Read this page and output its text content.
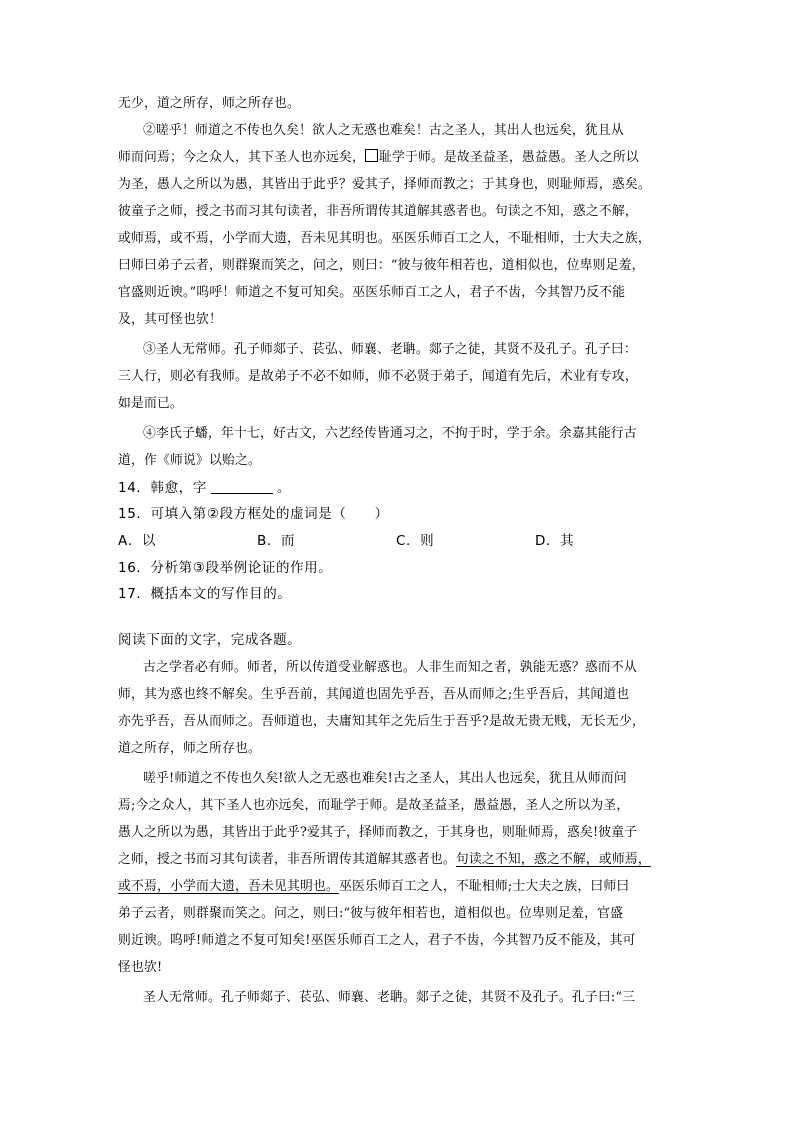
无少，道之所存，师之所存也。
②嗟乎！师道之不传也久矣！欲人之无惑也难矣！古之圣人，其出人也远矣，犹且从
师而问焉；今之众人，其下圣人也亦远矣， 耻学于师。是故圣益圣，愚益愚。圣人之所以
为圣，愚人之所以为愚，其皆出于此乎？爱其子，择师而教之；于其身也，则耻师焉，惑矣。
彼童子之师，授之书而习其句读者，非吾所谓传其道解其惑者也。句读之不知，惑之不解，
或师焉，或不焉，小学而大遗，吾未见其明也。巫医乐师百工之人，不耻相师，士大夫之族，
曰师曰弟子云者，则群聚而笑之，问之，则曰：“彼与彼年相若也，道相似也，位卑则足羞，
官盛则近谀。”呜呼！师道之不复可知矣。巫医乐师百工之人，君子不齿，今其智乃反不能
及，其可怪也欤！
③圣人无常师。孔子师郯子、苌弘、师襄、老聃。郯子之徒，其贤不及孔子。孔子曰：
三人行，则必有我师。是故弟子不必不如师，师不必贤于弟子，闻道有先后，术业有专攻，
如是而已。
④李氏子蟠，年十七，好古文，六艺经传皆通习之，不拘于时，学于余。余嘉其能行古
道，作《师说》以贻之。
14．韩愈，字	。
15．可填入第②段方框处的虚词是（　　）
A．以	B．而	C．则	D．其
16．分析第③段举例论证的作用。
17．概括本文的写作目的。
阅读下面的文字，完成各题。
古之学者必有师。师者，所以传道受业解惑也。人非生而知之者，孰能无惑？惑而不从
师，其为惑也终不解矣。生乎吾前，其闻道也固先乎吾，吾从而师之;生乎吾后，其闻道也
亦先乎吾，吾从而师之。吾师道也，夫庸知其年之先后生于吾乎?是故无贵无贱，无长无少，
道之所存，师之所存也。
嗟乎!师道之不传也久矣!欲人之无惑也难矣!古之圣人，其出人也远矣，犹且从师而问
焉;今之众人，其下圣人也亦远矣，而耻学于师。是故圣益圣，愚益愚，圣人之所以为圣，
愚人之所以为愚，其皆出于此乎?爱其子，择师而教之，于其身也，则耻师焉，惑矣!彼童子
之师，授之书而习其句读者，非吾所谓传其道解其惑者也。句读之不知，惑之不解，或师焉，
或不焉，小学而大遗，吾未见其明也。巫医乐师百工之人，不耻相师;士大夫之族，曰师曰
弟子云者，则群聚而笑之。问之，则曰:“彼与彼年相若也，道相似也。位卑则足羞，官盛
则近谀。呜呼!师道之不复可知矣!巫医乐师百工之人，君子不齿，今其智乃反不能及，其可
怪也欤!
圣人无常师。孔子师郯子、苌弘、师襄、老聃。郯子之徒，其贤不及孔子。孔子曰:“三
